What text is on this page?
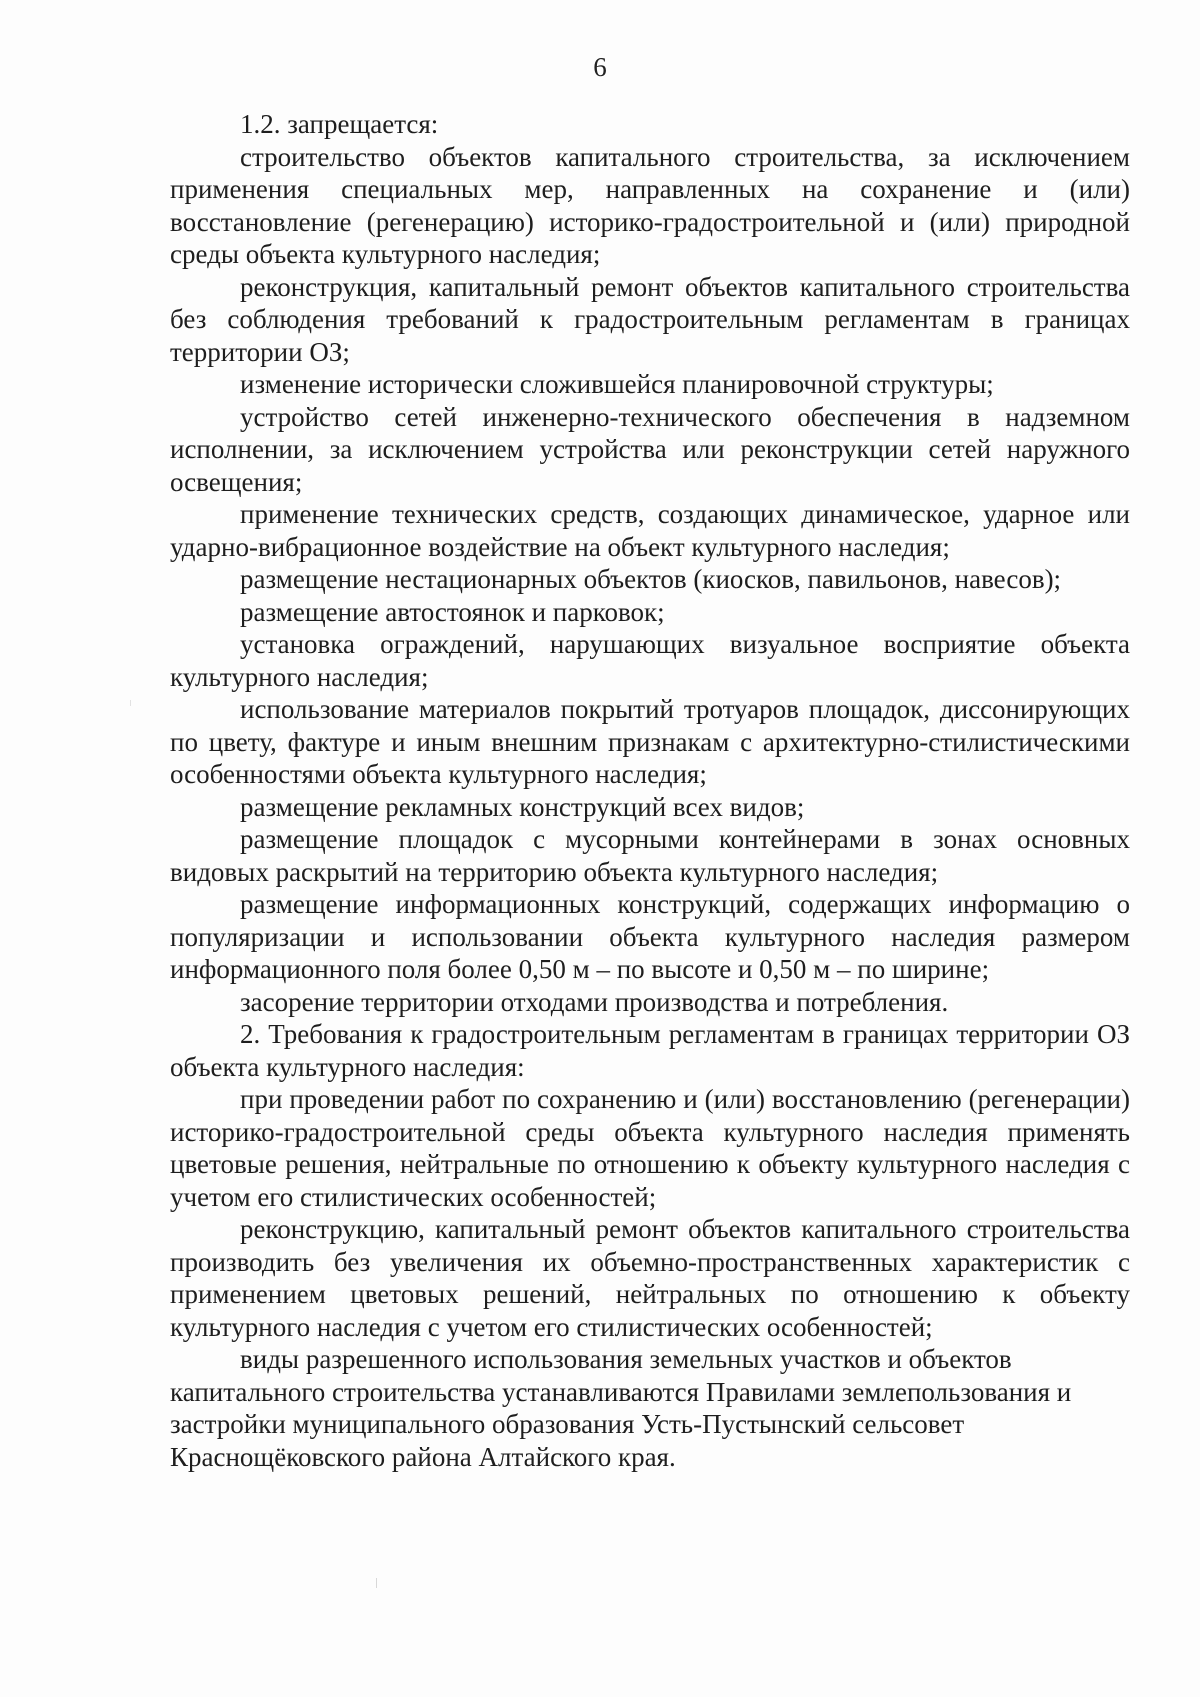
6

1.2. запрещается:

строительство объектов капитального строительства, за исключением применения специальных мер, направленных на сохранение и (или) восстановление (регенерацию) историко-градостроительной и (или) природной среды объекта культурного наследия;

реконструкция, капитальный ремонт объектов капитального строительства без соблюдения требований к градостроительным регламентам в границах территории ОЗ;

изменение исторически сложившейся планировочной структуры;

устройство сетей инженерно-технического обеспечения в надземном исполнении, за исключением устройства или реконструкции сетей наружного освещения;

применение технических средств, создающих динамическое, ударное или ударно-вибрационное воздействие на объект культурного наследия;

размещение нестационарных объектов (киосков, павильонов, навесов);

размещение автостоянок и парковок;

установка ограждений, нарушающих визуальное восприятие объекта культурного наследия;

использование материалов покрытий тротуаров площадок, диссонирующих по цвету, фактуре и иным внешним признакам с архитектурно-стилистическими особенностями объекта культурного наследия;

размещение рекламных конструкций всех видов;

размещение площадок с мусорными контейнерами в зонах основных видовых раскрытий на территорию объекта культурного наследия;

размещение информационных конструкций, содержащих информацию о популяризации и использовании объекта культурного наследия размером информационного поля более 0,50 м – по высоте и 0,50 м – по ширине;

засорение территории отходами производства и потребления.

2. Требования к градостроительным регламентам в границах территории ОЗ объекта культурного наследия:

при проведении работ по сохранению и (или) восстановлению (регенерации) историко-градостроительной среды объекта культурного наследия применять цветовые решения, нейтральные по отношению к объекту культурного наследия с учетом его стилистических особенностей;

реконструкцию, капитальный ремонт объектов капитального строительства производить без увеличения их объемно-пространственных характеристик с применением цветовых решений, нейтральных по отношению к объекту культурного наследия с учетом его стилистических особенностей;

виды разрешенного использования земельных участков и объектов капитального строительства устанавливаются Правилами землепользования и застройки муниципального образования Усть-Пустынский сельсовет Краснощёковского района Алтайского края.
